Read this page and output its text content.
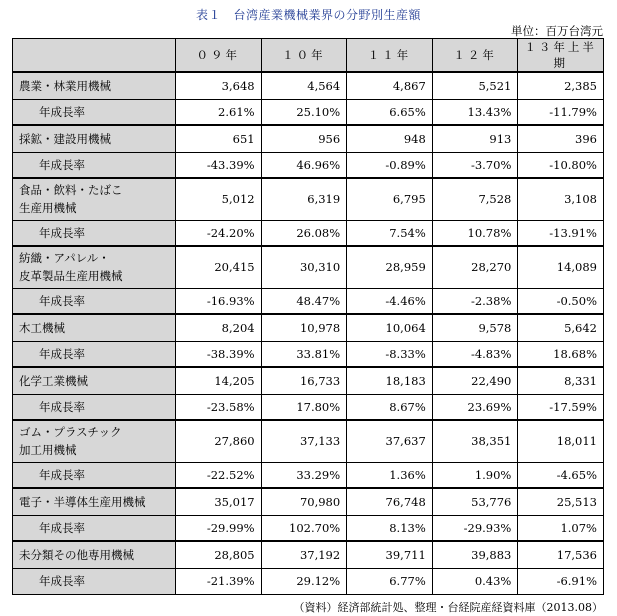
表１　台湾産業機械業界の分野別生産額
単位：百万台湾元
	０９年	１０年	１１年	１２年	１３年上半期
農業・林業用機械	3,648	4,564	4,867	5,521	2,385
年成長率	2.61%	25.10%	6.65%	13.43%	-11.79%
採鉱・建設用機械	651	956	948	913	396
年成長率	-43.39%	46.96%	-0.89%	-3.70%	-10.80%
食品・飲料・たばこ
生産用機械	5,012	6,319	6,795	7,528	3,108
年成長率	-24.20%	26.08%	7.54%	10.78%	-13.91%
紡織・アパレル・
皮革製品生産用機械	20,415	30,310	28,959	28,270	14,089
年成長率	-16.93%	48.47%	-4.46%	-2.38%	-0.50%
木工機械	8,204	10,978	10,064	9,578	5,642
年成長率	-38.39%	33.81%	-8.33%	-4.83%	18.68%
化学工業機械	14,205	16,733	18,183	22,490	8,331
年成長率	-23.58%	17.80%	8.67%	23.69%	-17.59%
ゴム・プラスチック
加工用機械	27,860	37,133	37,637	38,351	18,011
年成長率	-22.52%	33.29%	1.36%	1.90%	-4.65%
電子・半導体生産用機械	35,017	70,980	76,748	53,776	25,513
年成長率	-29.99%	102.70%	8.13%	-29.93%	1.07%
未分類その他専用機械	28,805	37,192	39,711	39,883	17,536
年成長率	-21.39%	29.12%	6.77%	0.43%	-6.91%
（資料）経済部統計処、整理・台経院産経資料庫（2013.08）
